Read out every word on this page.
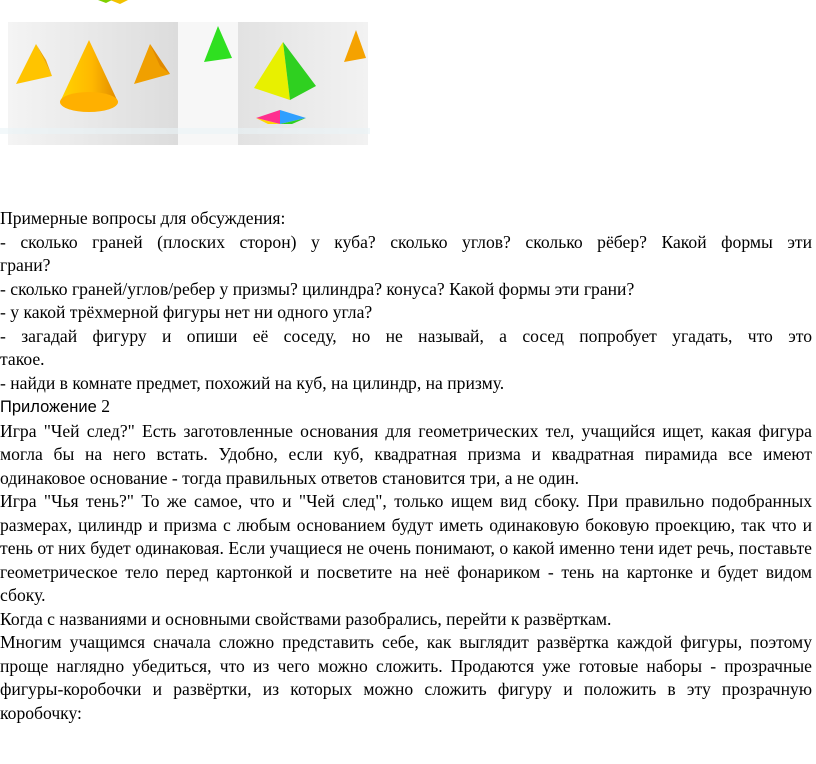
Примерные вопросы для обсуждения:

- сколько граней (плоских сторон) у куба? сколько углов? сколько рёбер? Какой формы эти

грани?

- сколько граней/углов/ребер у призмы? цилиндра? конуса? Какой формы эти грани?

- у какой трёхмерной фигуры нет ни одного угла?

- загадай фигуру и опиши её соседу, но не называй, а сосед попробует угадать, что это

такое.

- найди в комнате предмет, похожий на куб, на цилиндр, на призму.

Приложение 2

Игра "Чей след?" Есть заготовленные основания для геометрических тел, учащийся ищет, какая фигура могла бы на него встать. Удобно, если куб, квадратная призма и квадратная пирамида все имеют одинаковое основание - тогда правильных ответов становится три, а не один.

Игра "Чья тень?" То же самое, что и "Чей след", только ищем вид сбоку. При правильно подобранных размерах, цилиндр и призма с любым основанием будут иметь одинаковую боковую проекцию, так что и тень от них будет одинаковая. Если учащиеся не очень понимают, о какой именно тени идет речь, поставьте геометрическое тело перед картонкой и посветите на неё фонариком - тень на картонке и будет видом сбоку.

Когда с названиями и основными свойствами разобрались, перейти к развёрткам.

Многим учащимся сначала сложно представить себе, как выглядит развёртка каждой фигуры, поэтому проще наглядно убедиться, что из чего можно сложить. Продаются уже готовые наборы - прозрачные фигуры-коробочки и развёртки, из которых можно сложить фигуру и положить в эту прозрачную коробочку:
